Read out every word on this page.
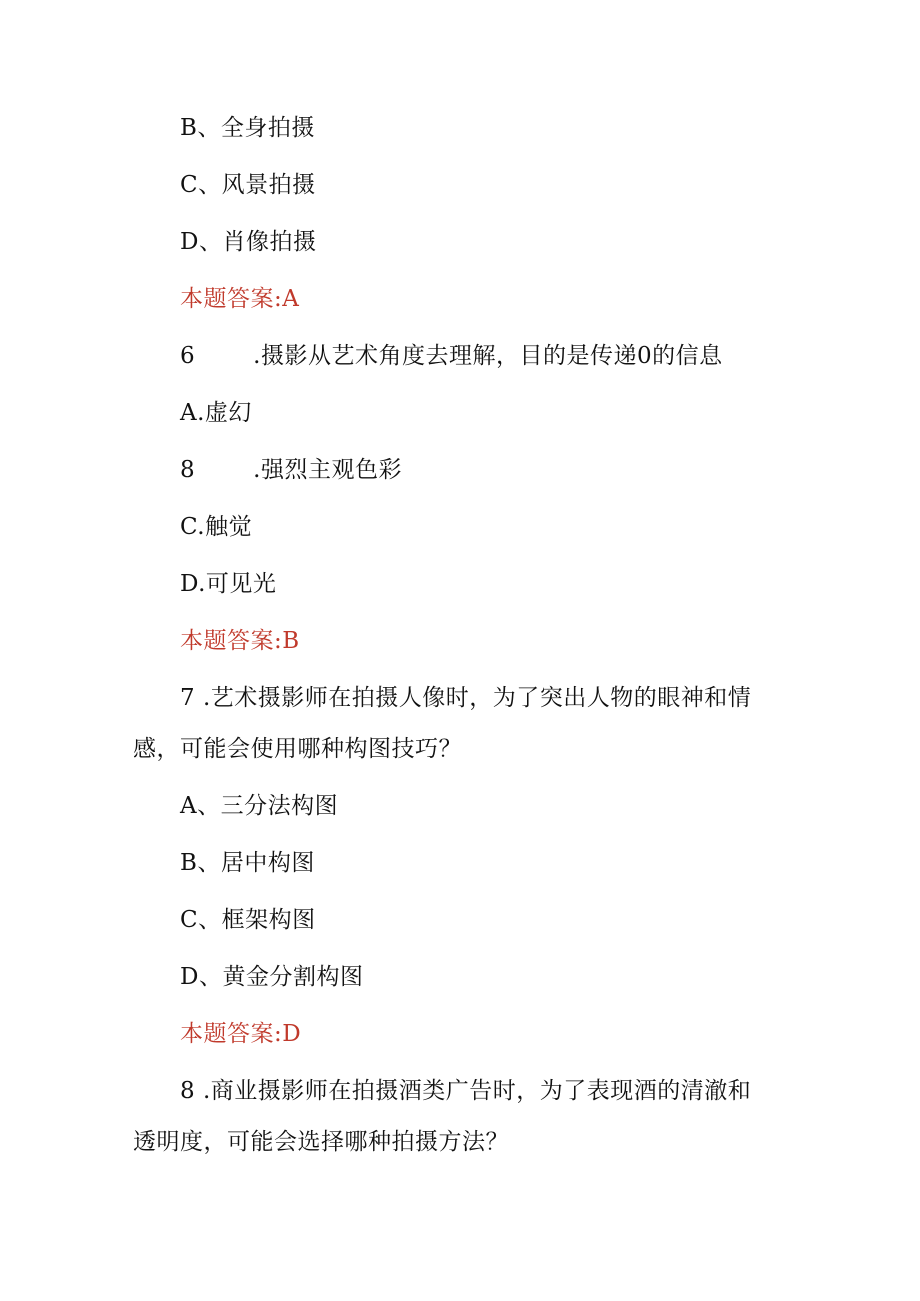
B、全身拍摄
C、风景拍摄
D、肖像拍摄
本题答案:A
6	.摄影从艺术角度去理解，目的是传递0的信息
A.虚幻
8	.强烈主观色彩
C.触觉
D.可见光
本题答案:B
7 .艺术摄影师在拍摄人像时，为了突出人物的眼神和情
感，可能会使用哪种构图技巧？
A、三分法构图
B、居中构图
C、框架构图
D、黄金分割构图
本题答案:D
8 .商业摄影师在拍摄酒类广告时，为了表现酒的清澈和
透明度，可能会选择哪种拍摄方法？
